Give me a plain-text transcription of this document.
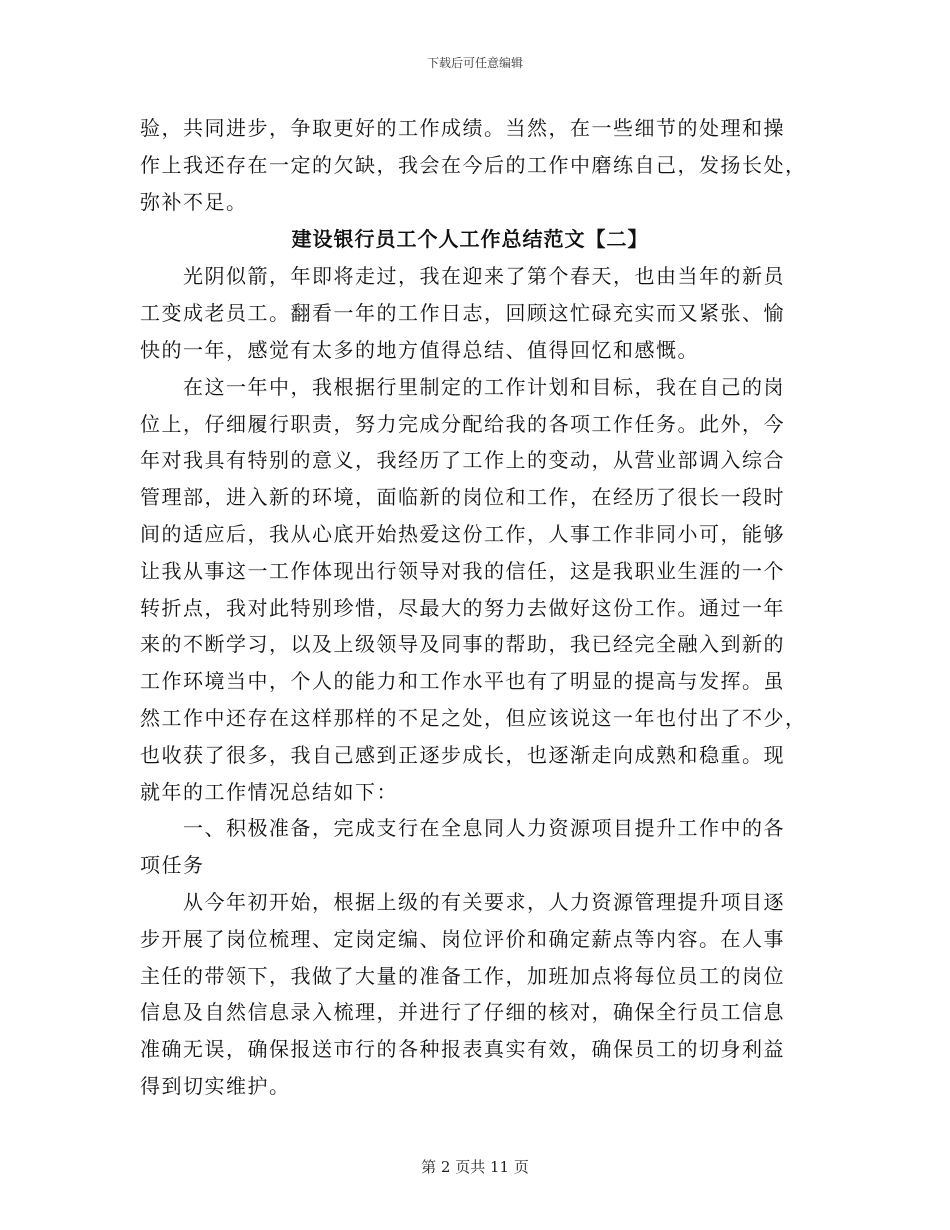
下载后可任意编辑
验，共同进步，争取更好的工作成绩。当然，在一些细节的处理和操
作上我还存在一定的欠缺，我会在今后的工作中磨练自己，发扬长处，
弥补不足。
建设银行员工个人工作总结范文【二】
　　光阴似箭，年即将走过，我在迎来了第个春天，也由当年的新员
工变成老员工。翻看一年的工作日志，回顾这忙碌充实而又紧张、愉
快的一年，感觉有太多的地方值得总结、值得回忆和感慨。
　　在这一年中，我根据行里制定的工作计划和目标，我在自己的岗
位上，仔细履行职责，努力完成分配给我的各项工作任务。此外，今
年对我具有特别的意义，我经历了工作上的变动，从营业部调入综合
管理部，进入新的环境，面临新的岗位和工作，在经历了很长一段时
间的适应后，我从心底开始热爱这份工作，人事工作非同小可，能够
让我从事这一工作体现出行领导对我的信任，这是我职业生涯的一个
转折点，我对此特别珍惜，尽最大的努力去做好这份工作。通过一年
来的不断学习，以及上级领导及同事的帮助，我已经完全融入到新的
工作环境当中，个人的能力和工作水平也有了明显的提高与发挥。虽
然工作中还存在这样那样的不足之处，但应该说这一年也付出了不少，
也收获了很多，我自己感到正逐步成长，也逐渐走向成熟和稳重。现
就年的工作情况总结如下：
　　一、积极准备，完成支行在全息同人力资源项目提升工作中的各
项任务
　　从今年初开始，根据上级的有关要求，人力资源管理提升项目逐
步开展了岗位梳理、定岗定编、岗位评价和确定薪点等内容。在人事
主任的带领下，我做了大量的准备工作，加班加点将每位员工的岗位
信息及自然信息录入梳理，并进行了仔细的核对，确保全行员工信息
准确无误，确保报送市行的各种报表真实有效，确保员工的切身利益
得到切实维护。
第 2 页共 11 页
